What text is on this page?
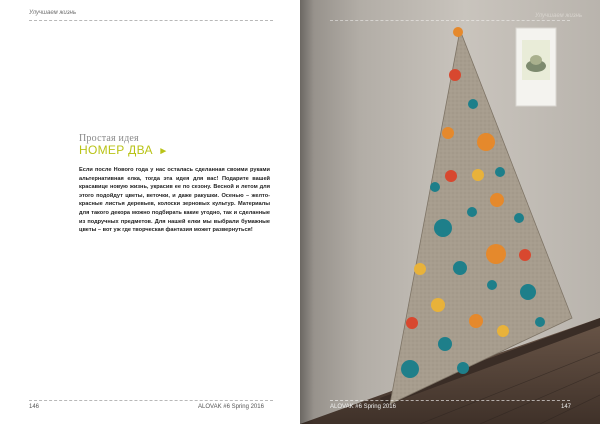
Улучшаем жизнь
Простая идея
НОМЕР ДВА ►
Если после Нового года у нас осталась сделанная своими руками альтернативная елка, тогда эта идея для вас! Подарите вашей красавице новую жизнь, украсив ее по сезону. Весной и летом для этого подойдут цветы, веточки, и даже ракушки. Осенью – желто-красные листья деревьев, колоски зерновых культур. Материалы для такого декора можно подбирать какие угодно, так и сделанные из подручных предметов. Для нашей елки мы выбрали бумажные цветы – вот уж где творческая фантазия может развернуться!
146	ALOVAK #6 Spring 2016
Улучшаем жизнь
ALOVAK #6 Spring 2016	147
